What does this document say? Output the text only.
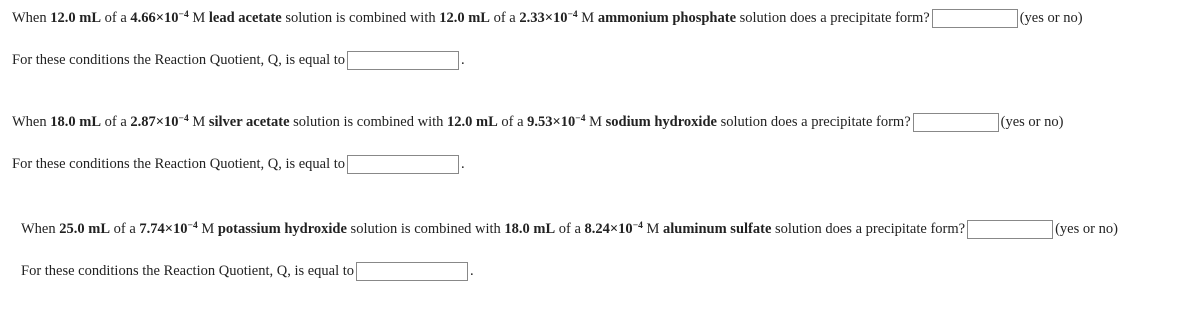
When 12.0 mL of a $4.66\times 10^{-4}$ M lead acetate solution is combined with 12.0 mL of a $2.33\times 10^{-4}$ M ammonium phosphate solution does a precipitate form?	(yes or no)
For these conditions the Reaction Quotient, Q, is equal to	.
When 18.0 mL of a $2.87\times 10^{-4}$ M silver acetate solution is combined with 12.0 mL of a $9.53\times 10^{-4}$ M sodium hydroxide solution does a precipitate form?	(yes or no)
For these conditions the Reaction Quotient, Q, is equal to	.
When 25.0 mL of a $7.74\times 10^{-4}$ M potassium hydroxide solution is combined with 18.0 mL of a $8.24\times 10^{-4}$ M aluminum sulfate solution does a precipitate form?	(yes or no)
For these conditions the Reaction Quotient, Q, is equal to	.
